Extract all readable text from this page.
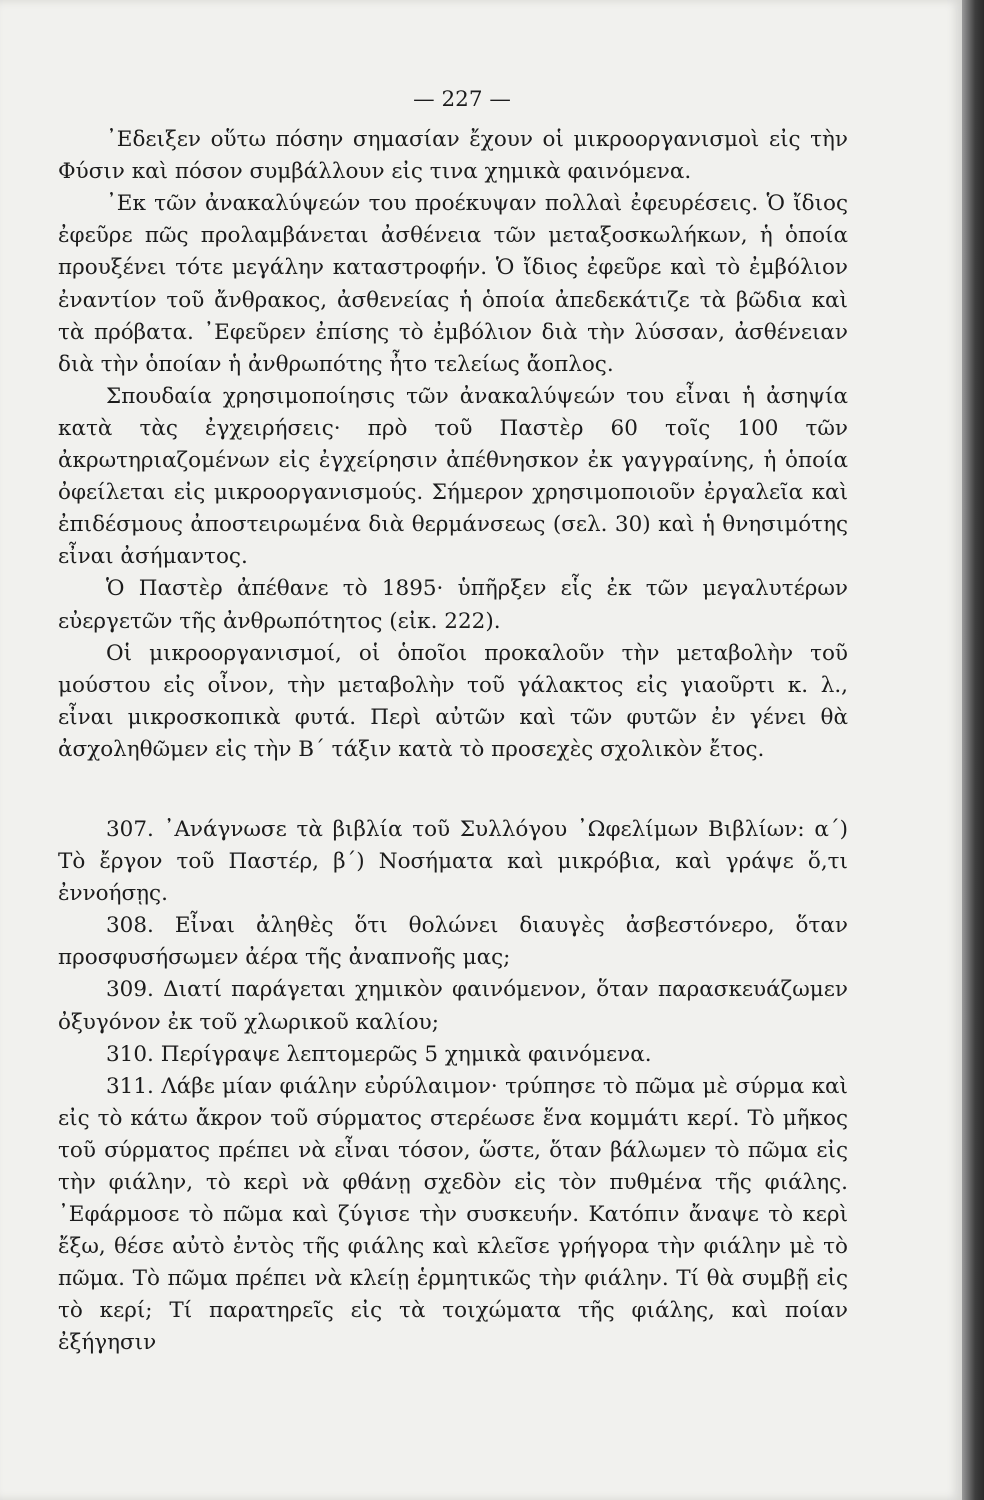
— 227 —

᾿Εδειξεν οὕτω πόσην σημασίαν ἔχουν οἱ μικροοργανισμοὶ εἰς τὴν Φύσιν καὶ πόσον συμβάλλουν εἰς τινα χημικὰ φαινόμενα.

᾿Εκ τῶν ἀνακαλύψεών του προέκυψαν πολλαὶ ἐφευρέσεις. Ὁ ἴδιος ἐφεῦρε πῶς προλαμβάνεται ἀσθένεια τῶν μεταξοσκωλήκων, ἡ ὁποία προυξένει τότε μεγάλην καταστροφήν. Ὁ ἴδιος ἐφεῦρε καὶ τὸ ἐμβόλιον ἐναντίον τοῦ ἄνθρακος, ἀσθενείας ἡ ὁποία ἀπεδεκάτιζε τὰ βῶδια καὶ τὰ πρόβατα. ᾿Εφεῦρεν ἐπίσης τὸ ἐμβόλιον διὰ τὴν λύσσαν, ἀσθένειαν διὰ τὴν ὁποίαν ἡ ἀνθρωπότης ἦτο τελείως ἄοπλος.

Σπουδαία χρησιμοποίησις τῶν ἀνακαλύψεών του εἶναι ἡ ἀσηψία κατὰ τὰς ἐγχειρήσεις· πρὸ τοῦ Παστὲρ 60 τοῖς 100 τῶν ἀκρωτηριαζομένων εἰς ἐγχείρησιν ἀπέθνησκον ἐκ γαγγραίνης, ἡ ὁποία ὀφείλεται εἰς μικροοργανισμούς. Σήμερον χρησιμοποιοῦν ἐργαλεῖα καὶ ἐπιδέσμους ἀποστειρωμένα διὰ θερμάνσεως (σελ. 30) καὶ ἡ θνησιμότης εἶναι ἀσήμαντος.

Ὁ Παστὲρ ἀπέθανε τὸ 1895· ὑπῆρξεν εἷς ἐκ τῶν μεγαλυτέρων εὐεργετῶν τῆς ἀνθρωπότητος (εἰκ. 222).

Οἱ μικροοργανισμοί, οἱ ὁποῖοι προκαλοῦν τὴν μεταβολὴν τοῦ μούστου εἰς οἶνον, τὴν μεταβολὴν τοῦ γάλακτος εἰς γιαοῦρτι κ. λ., εἶναι μικροσκοπικὰ φυτά. Περὶ αὐτῶν καὶ τῶν φυτῶν ἐν γένει θὰ ἀσχοληθῶμεν εἰς τὴν Β΄ τάξιν κατὰ τὸ προσεχὲς σχολικὸν ἔτος.

307. ᾿Ανάγνωσε τὰ βιβλία τοῦ Συλλόγου ᾿Ωφελίμων Βιβλίων: α΄) Τὸ ἔργον τοῦ Παστέρ, β΄) Νοσήματα καὶ μικρόβια, καὶ γράψε ὅ,τι ἐννοήσῃς.

308. Εἶναι ἀληθὲς ὅτι θολώνει διαυγὲς ἀσβεστόνερο, ὅταν προσφυσήσωμεν ἀέρα τῆς ἀναπνοῆς μας;

309. Διατί παράγεται χημικὸν φαινόμενον, ὅταν παρασκευάζωμεν ὀξυγόνον ἐκ τοῦ χλωρικοῦ καλίου;

310. Περίγραψε λεπτομερῶς 5 χημικὰ φαινόμενα.

311. Λάβε μίαν φιάλην εὐρύλαιμον· τρύπησε τὸ πῶμα μὲ σύρμα καὶ εἰς τὸ κάτω ἄκρον τοῦ σύρματος στερέωσε ἕνα κομμάτι κερί. Τὸ μῆκος τοῦ σύρματος πρέπει νὰ εἶναι τόσον, ὥστε, ὅταν βάλωμεν τὸ πῶμα εἰς τὴν φιάλην, τὸ κερὶ νὰ φθάνῃ σχεδὸν εἰς τὸν πυθμένα τῆς φιάλης. ᾿Εφάρμοσε τὸ πῶμα καὶ ζύγισε τὴν συσκευήν. Κατόπιν ἄναψε τὸ κερὶ ἔξω, θέσε αὐτὸ ἐντὸς τῆς φιάλης καὶ κλεῖσε γρήγορα τὴν φιάλην μὲ τὸ πῶμα. Τὸ πῶμα πρέπει νὰ κλείῃ ἑρμητικῶς τὴν φιάλην. Τί θὰ συμβῇ εἰς τὸ κερί; Τί παρατηρεῖς εἰς τὰ τοιχώματα τῆς φιάλης, καὶ ποίαν ἐξήγησιν
